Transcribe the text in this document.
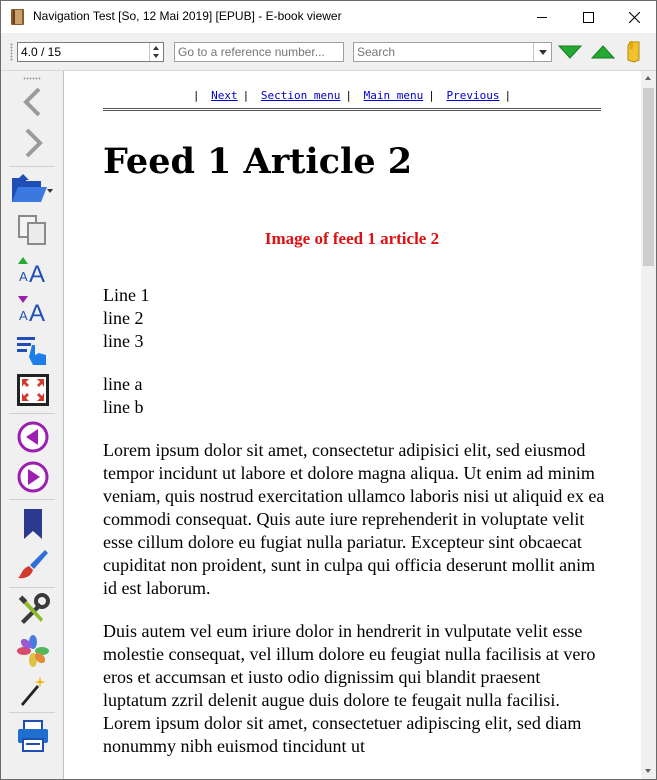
Navigation Test [So, 12 Mai 2019] [EPUB] - E-book viewer
4.0 / 15
Go to a reference number...	Search
A A
A A
| Next | Section menu | Main menu | Previous |
Feed 1 Article 2
Image of feed 1 article 2
Line 1
line 2
line 3
line a
line b

Lorem ipsum dolor sit amet, consectetur adipisici elit, sed eiusmod tempor incidunt ut labore et dolore magna aliqua. Ut enim ad minim veniam, quis nostrud exercitation ullamco laboris nisi ut aliquid ex ea commodi consequat. Quis aute iure reprehenderit in voluptate velit esse cillum dolore eu fugiat nulla pariatur. Excepteur sint obcaecat cupiditat non proident, sunt in culpa qui officia deserunt mollit anim id est laborum.

Duis autem vel eum iriure dolor in hendrerit in vulputate velit esse molestie consequat, vel illum dolore eu feugiat nulla facilisis at vero eros et accumsan et iusto odio dignissim qui blandit praesent luptatum zzril delenit augue duis dolore te feugait nulla facilisi. Lorem ipsum dolor sit amet, consectetuer adipiscing elit, sed diam nonummy nibh euismod tincidunt ut
